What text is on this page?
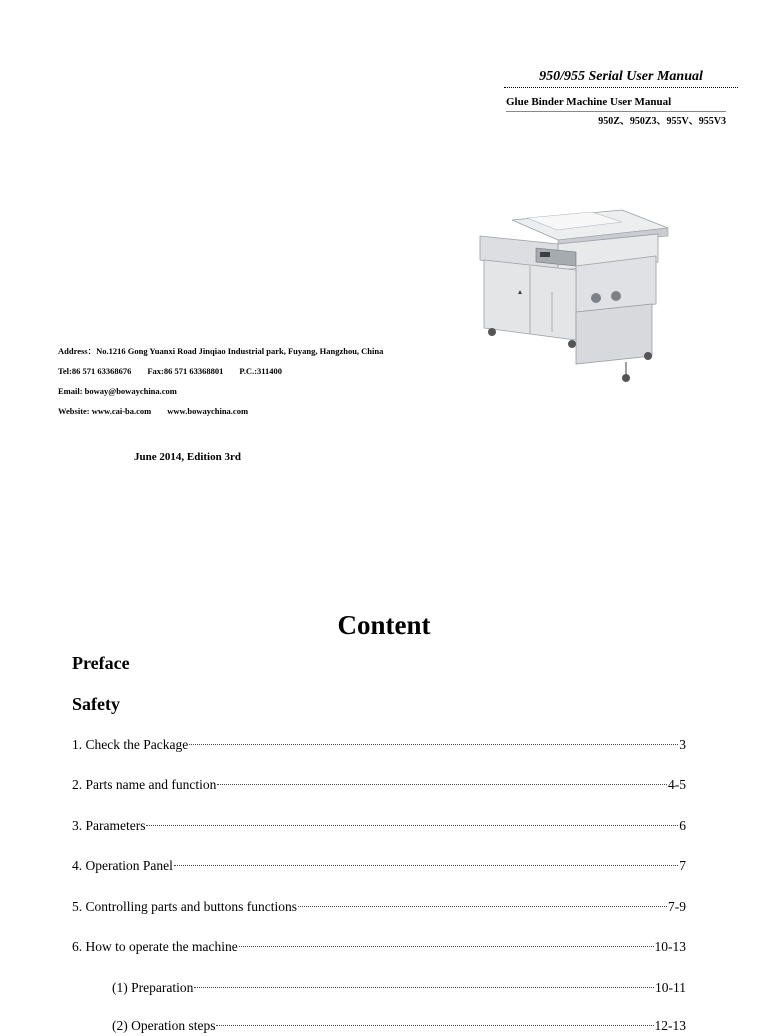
950/955 Serial User Manual
Glue Binder Machine User Manual
950Z、950Z3、955V、955V3
Address：No.1216 Gong Yuanxi Road Jinqiao Industrial park, Fuyang, Hangzhou, China
Tel:86 571 63368676 Fax:86 571 63368801 P.C.:311400
Email: boway@bowaychina.com
Website: www.cai-ba.com www.bowaychina.com
June 2014, Edition 3rd
Content
Preface
Safety
1. Check the Package	3
2. Parts name and function	4-5
3. Parameters	6
4. Operation Panel	7
5. Controlling parts and buttons functions	7-9
6. How to operate the machine	10-13
(1) Preparation	10-11
(2) Operation steps	12-13
